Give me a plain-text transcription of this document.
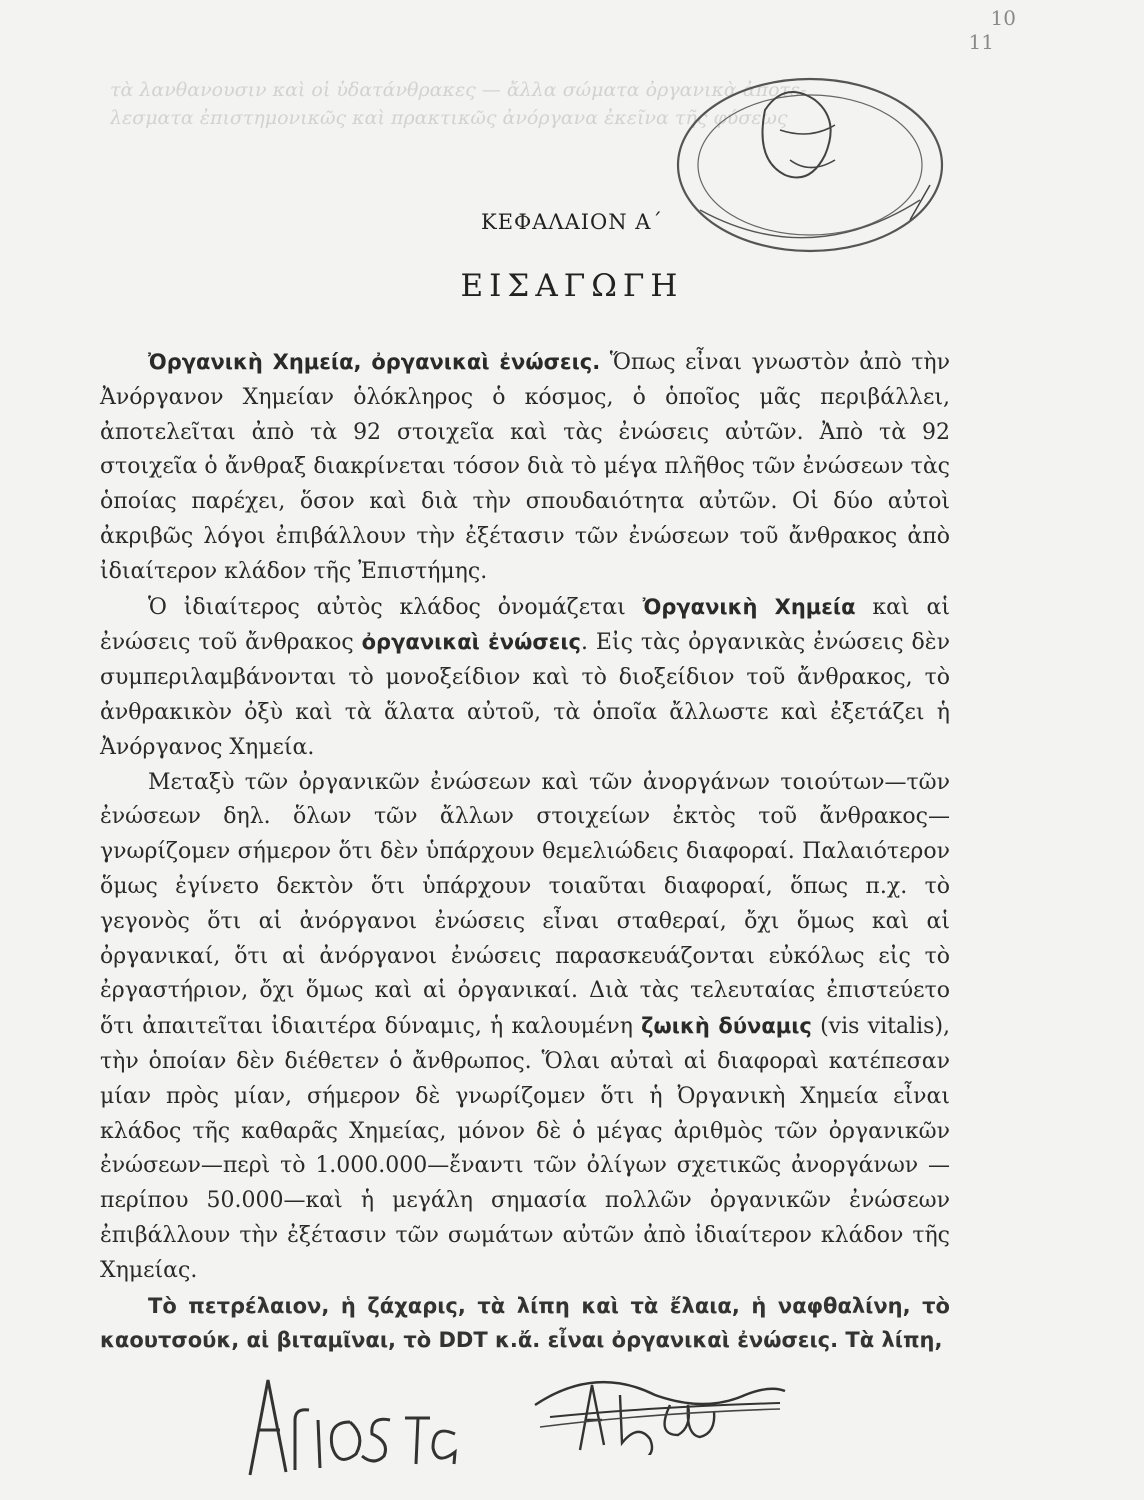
10
11
τὰ λανθανουσιν καὶ οἱ ὑδατάνθρακες — ἄλλα σώματα ὀργανικὰ ἀποτε-
λεσματα ἐπιστημονικῶς καὶ πρακτικῶς ἀνόργανα ἐκεῖνα τῆς φύσεως
ΚΕΦΑΛΑΙΟΝ Α΄
ΕΙΣΑΓΩΓΗ

Ὀργανικὴ Χημεία, ὀργανικαὶ ἐνώσεις. Ὅπως εἶναι γνωστὸν ἀπὸ τὴν Ἀνόργανον Χημείαν ὁλόκληρος ὁ κόσμος, ὁ ὁποῖος μᾶς περιβάλλει, ἀποτελεῖται ἀπὸ τὰ 92 στοιχεῖα καὶ τὰς ἐνώσεις αὐτῶν. Ἀπὸ τὰ 92 στοιχεῖα ὁ ἄνθραξ διακρίνεται τόσον διὰ τὸ μέγα πλῆθος τῶν ἐνώσεων τὰς ὁποίας παρέχει, ὅσον καὶ διὰ τὴν σπουδαιότητα αὐτῶν. Οἱ δύο αὐτοὶ ἀκριβῶς λόγοι ἐπιβάλλουν τὴν ἐξέτασιν τῶν ἐνώσεων τοῦ ἄνθρακος ἀπὸ ἰδιαίτερον κλάδον τῆς Ἐπιστήμης.

Ὁ ἰδιαίτερος αὐτὸς κλάδος ὀνομάζεται Ὀργανικὴ Χημεία καὶ αἱ ἐνώσεις τοῦ ἄνθρακος ὀργανικαὶ ἐνώσεις. Εἰς τὰς ὀργανικὰς ἐνώσεις δὲν συμπεριλαμβάνονται τὸ μονοξείδιον καὶ τὸ διοξείδιον τοῦ ἄνθρακος, τὸ ἀνθρακικὸν ὀξὺ καὶ τὰ ἅλατα αὐτοῦ, τὰ ὁποῖα ἄλλωστε καὶ ἐξετάζει ἡ Ἀνόργανος Χημεία.

Μεταξὺ τῶν ὀργανικῶν ἐνώσεων καὶ τῶν ἀνοργάνων τοιούτων—τῶν ἐνώσεων δηλ. ὅλων τῶν ἄλλων στοιχείων ἐκτὸς τοῦ ἄνθρακος—γνωρίζομεν σήμερον ὅτι δὲν ὑπάρχουν θεμελιώδεις διαφοραί. Παλαιότερον ὅμως ἐγίνετο δεκτὸν ὅτι ὑπάρχουν τοιαῦται διαφοραί, ὅπως π.χ. τὸ γεγονὸς ὅτι αἱ ἀνόργανοι ἐνώσεις εἶναι σταθεραί, ὄχι ὅμως καὶ αἱ ὀργανικαί, ὅτι αἱ ἀνόργανοι ἐνώσεις παρασκευάζονται εὐκόλως εἰς τὸ ἐργαστήριον, ὄχι ὅμως καὶ αἱ ὀργανικαί. Διὰ τὰς τελευταίας ἐπιστεύετο ὅτι ἀπαιτεῖται ἰδιαιτέρα δύναμις, ἡ καλουμένη ζωικὴ δύναμις (vis vitalis), τὴν ὁποίαν δὲν διέθετεν ὁ ἄνθρωπος. Ὅλαι αὐταὶ αἱ διαφοραὶ κατέπεσαν μίαν πρὸς μίαν, σήμερον δὲ γνωρίζομεν ὅτι ἡ Ὀργανικὴ Χημεία εἶναι κλάδος τῆς καθαρᾶς Χημείας, μόνον δὲ ὁ μέγας ἀριθμὸς τῶν ὀργανικῶν ἐνώσεων—περὶ τὸ 1.000.000—ἔναντι τῶν ὀλίγων σχετικῶς ἀνοργάνων —περίπου 50.000—καὶ ἡ μεγάλη σημασία πολλῶν ὀργανικῶν ἐνώσεων ἐπιβάλλουν τὴν ἐξέτασιν τῶν σωμάτων αὐτῶν ἀπὸ ἰδιαίτερον κλάδον τῆς Χημείας.

Τὸ πετρέλαιον, ἡ ζάχαρις, τὰ λίπη καὶ τὰ ἔλαια, ἡ ναφθαλίνη, τὸ καουτσούκ, αἱ βιταμῖναι, τὸ DDT κ.ἄ. εἶναι ὀργανικαὶ ἐνώσεις. Τὰ λίπη,
